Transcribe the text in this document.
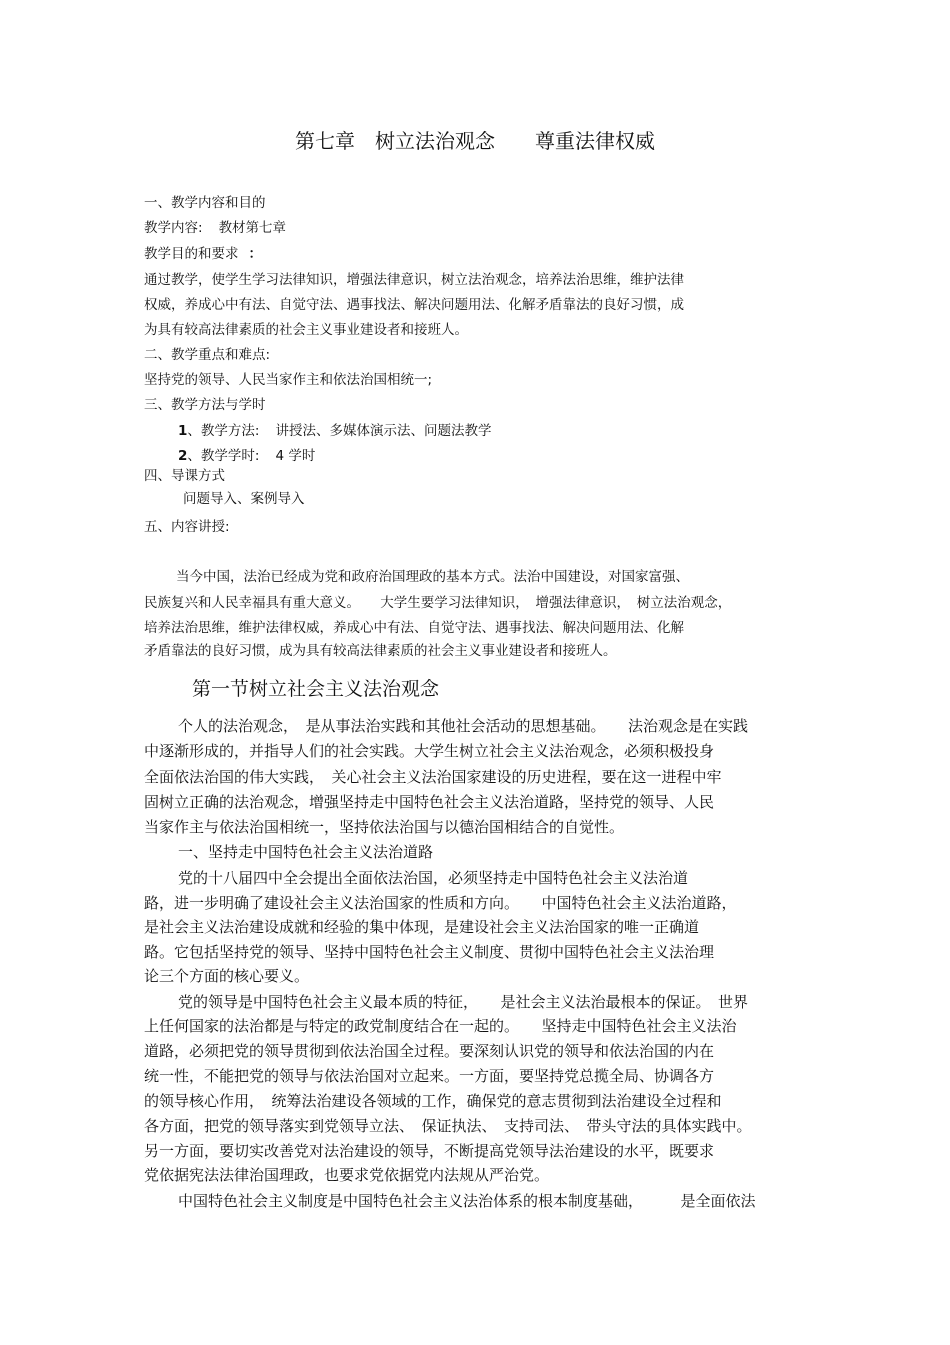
第七章　树立法治观念　　尊重法律权威

一、教学内容和目的

教学内容: 教材第七章

教学目的和要求 ：

通过教学，使学生学习法律知识，增强法律意识，树立法治观念，培养法治思维，维护法律

权威，养成心中有法、自觉守法、遇事找法、解决问题用法、化解矛盾靠法的良好习惯，成

为具有较高法律素质的社会主义事业建设者和接班人。

二、教学重点和难点:

坚持党的领导、人民当家作主和依法治国相统一;

三、教学方法与学时

1、教学方法: 讲授法、多媒体演示法、问题法教学

2、教学学时: 4 学时

四、导课方式

问题导入、案例导入

五、内容讲授:

当今中国，法治已经成为党和政府治国理政的基本方式。法治中国建设，对国家富强、

民族复兴和人民幸福具有重大意义。　　大学生要学习法律知识，　增强法律意识，　树立法治观念，

培养法治思维，维护法律权威，养成心中有法、自觉守法、遇事找法、解决问题用法、化解

矛盾靠法的良好习惯，成为具有较高法律素质的社会主义事业建设者和接班人。

第一节树立社会主义法治观念

个人的法治观念，　是从事法治实践和其他社会活动的思想基础。　　法治观念是在实践

中逐渐形成的，并指导人们的社会实践。大学生树立社会主义法治观念，必须积极投身

全面依法治国的伟大实践，　关心社会主义法治国家建设的历史进程，要在这一进程中牢

固树立正确的法治观念，增强坚持走中国特色社会主义法治道路，坚持党的领导、人民

当家作主与依法治国相统一，坚持依法治国与以德治国相结合的自觉性。

一、坚持走中国特色社会主义法治道路

党的十八届四中全会提出全面依法治国，必须坚持走中国特色社会主义法治道

路，进一步明确了建设社会主义法治国家的性质和方向。　　中国特色社会主义法治道路，

是社会主义法治建设成就和经验的集中体现，是建设社会主义法治国家的唯一正确道

路。它包括坚持党的领导、坚持中国特色社会主义制度、贯彻中国特色社会主义法治理

论三个方面的核心要义。

党的领导是中国特色社会主义最本质的特征，　　是社会主义法治最根本的保证。　世界

上任何国家的法治都是与特定的政党制度结合在一起的。　　坚持走中国特色社会主义法治

道路，必须把党的领导贯彻到依法治国全过程。要深刻认识党的领导和依法治国的内在

统一性，不能把党的领导与依法治国对立起来。一方面，要坚持党总揽全局、协调各方

的领导核心作用，　统筹法治建设各领域的工作，确保党的意志贯彻到法治建设全过程和

各方面，把党的领导落实到党领导立法、　保证执法、　支持司法、　带头守法的具体实践中。

另一方面，要切实改善党对法治建设的领导，不断提高党领导法治建设的水平，既要求

党依据宪法法律治国理政，也要求党依据党内法规从严治党。

中国特色社会主义制度是中国特色社会主义法治体系的根本制度基础，　　　是全面依法
